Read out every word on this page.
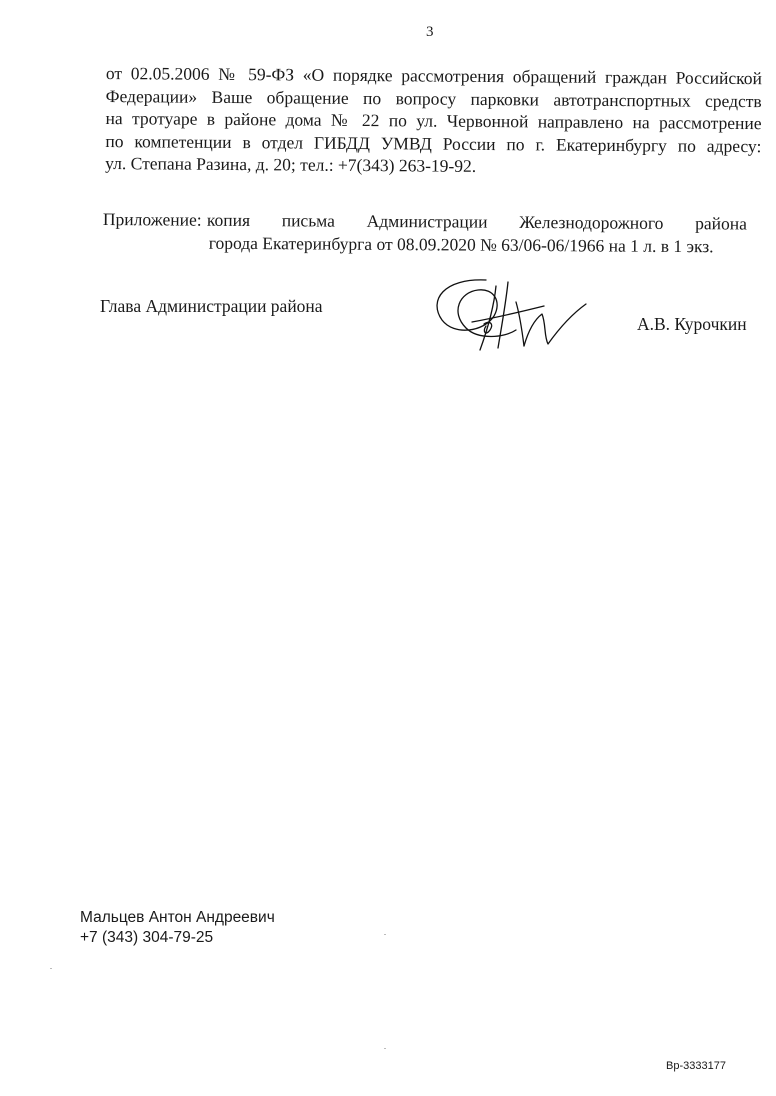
3
от 02.05.2006 № 59-ФЗ «О порядке рассмотрения обращений граждан Российской
Федерации» Ваше обращение по вопросу парковки автотранспортных средств
на тротуаре в районе дома № 22 по ул. Червонной направлено на рассмотрение
по компетенции в отдел ГИБДД УМВД России по г. Екатеринбургу по адресу:
ул. Степана Разина, д. 20; тел.: +7(343) 263-19-92.
Приложение: копия письма Администрации Железнодорожного района
города Екатеринбурга от 08.09.2020 № 63/06-06/1966 на 1 л. в 1 экз.
Глава Администрации района
А.В. Курочкин
Мальцев Антон Андреевич
+7 (343) 304-79-25
Вр-3333177
